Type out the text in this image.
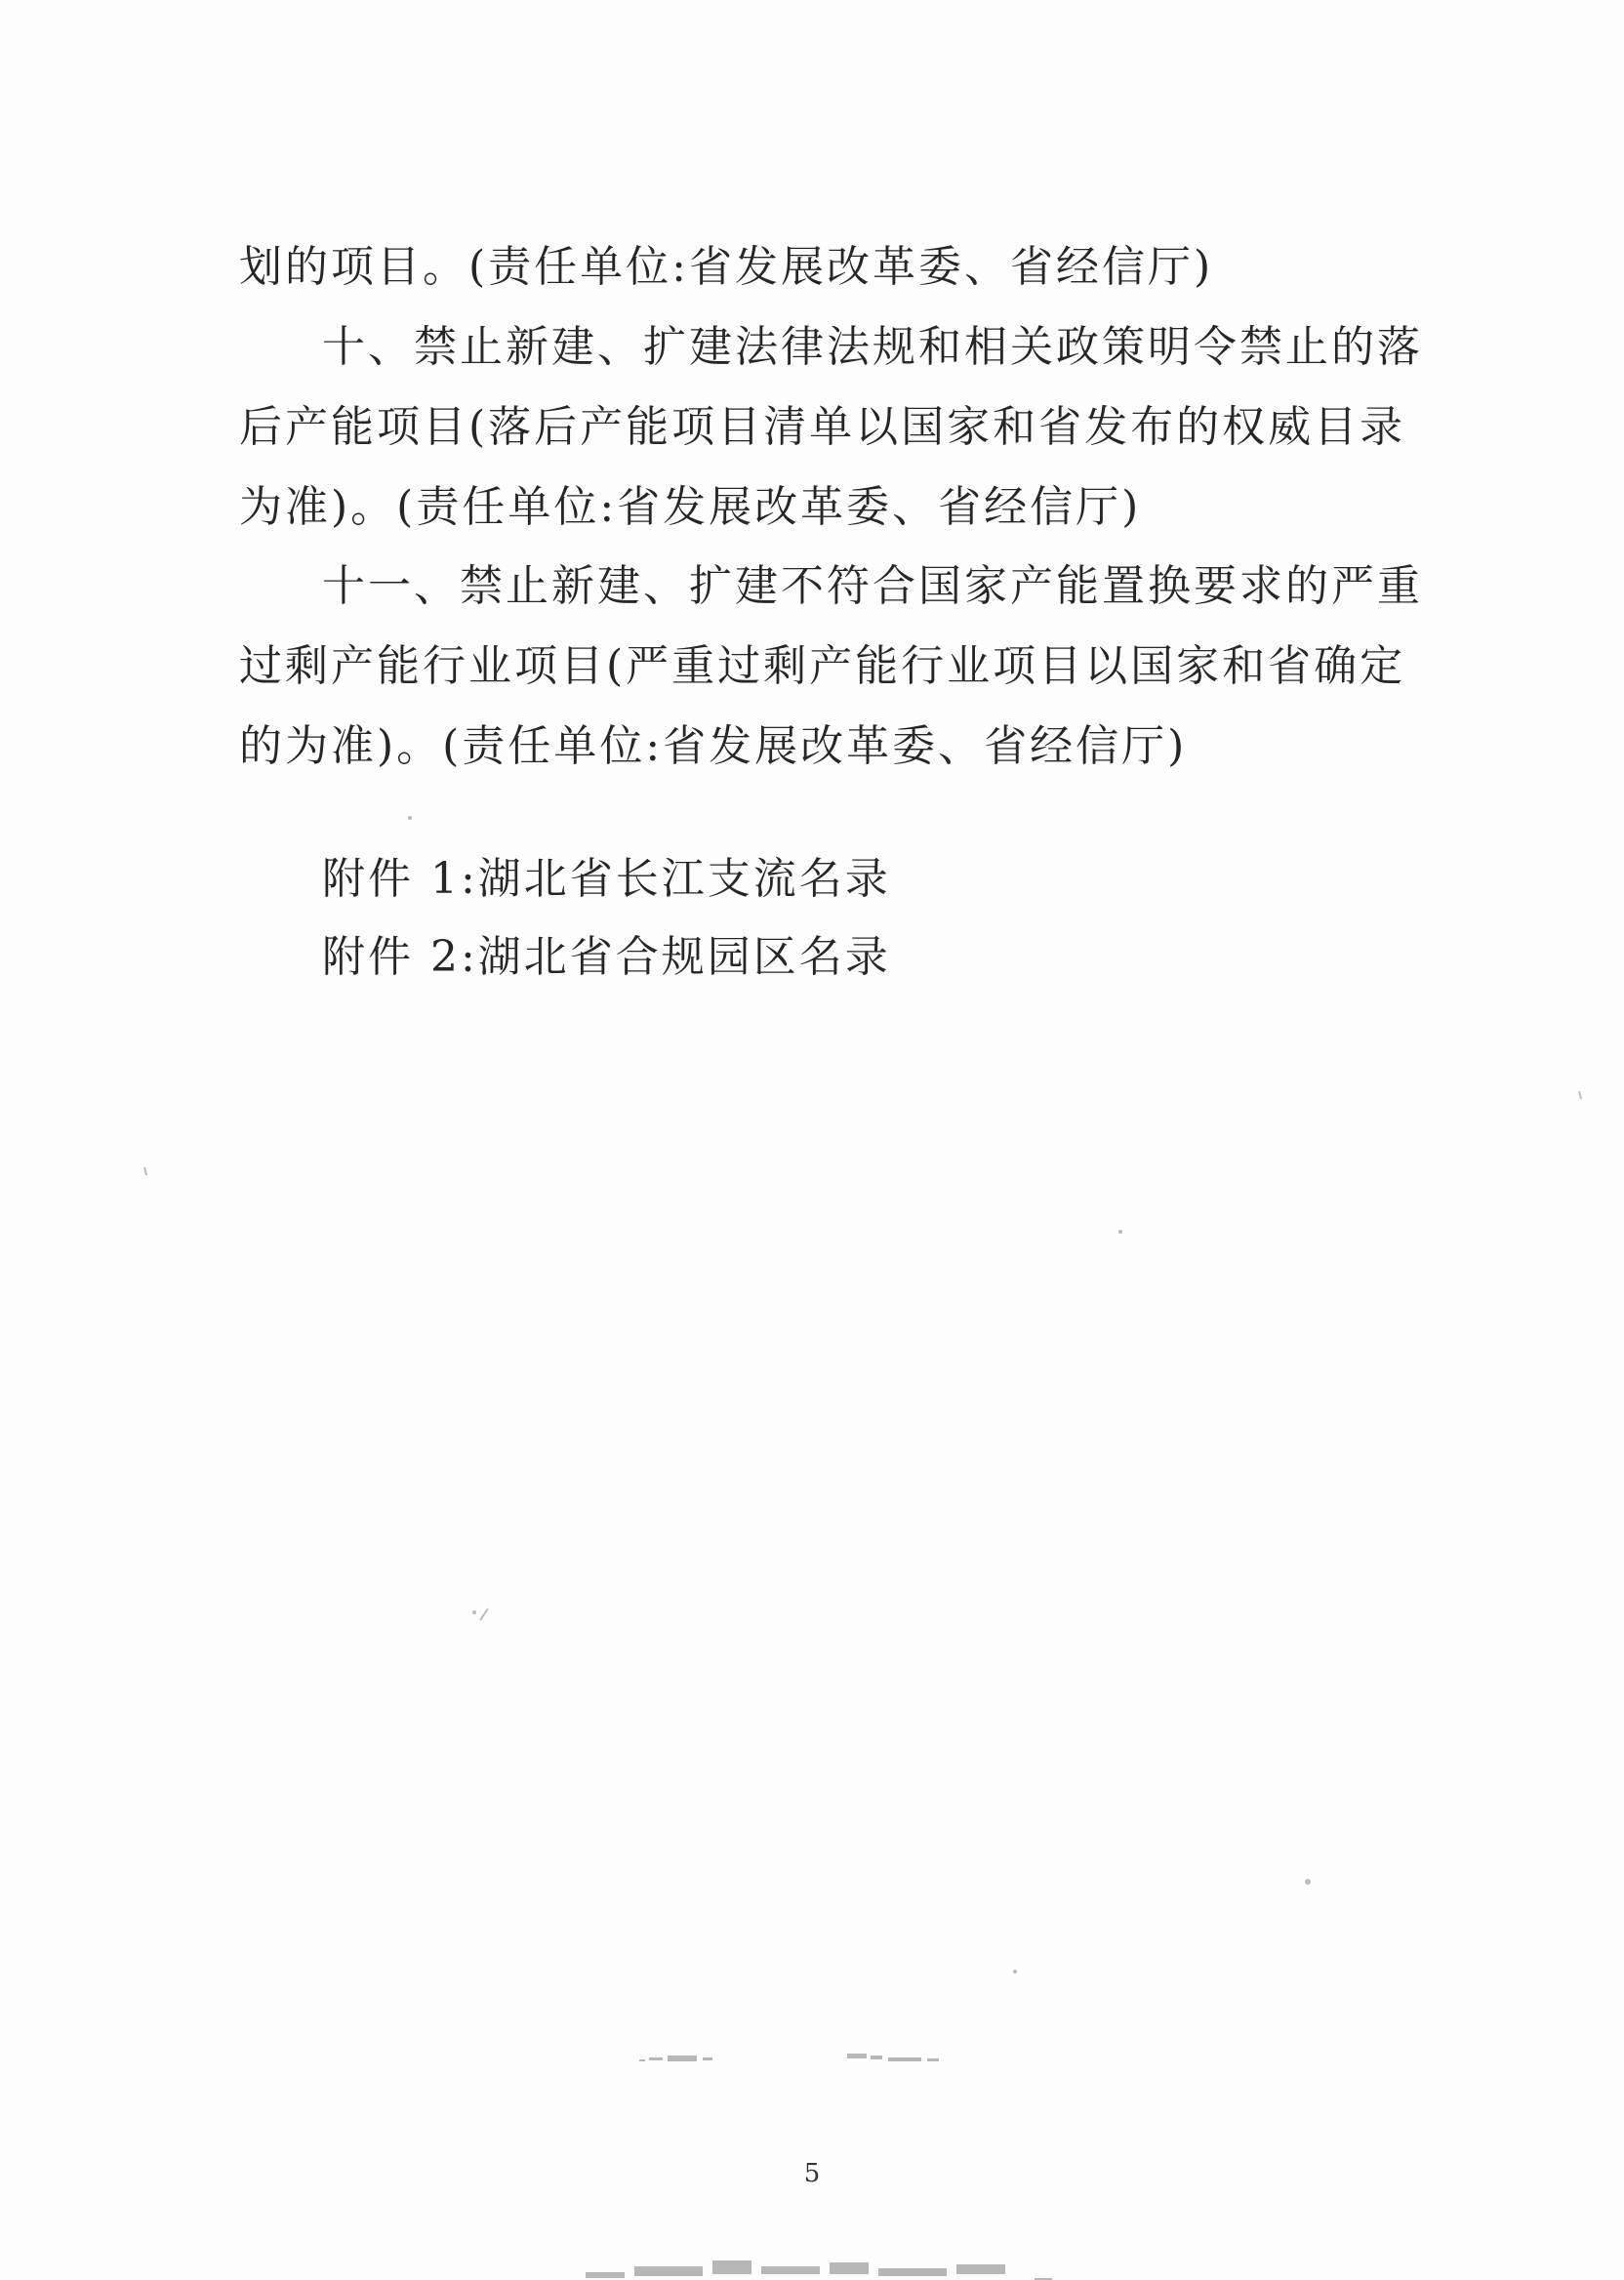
划的项目。(责任单位:省发展改革委、省经信厅)
十、禁止新建、扩建法律法规和相关政策明令禁止的落
后产能项目(落后产能项目清单以国家和省发布的权威目录
为准)。(责任单位:省发展改革委、省经信厅)
十一、禁止新建、扩建不符合国家产能置换要求的严重
过剩产能行业项目(严重过剩产能行业项目以国家和省确定
的为准)。(责任单位:省发展改革委、省经信厅)
附件 1:湖北省长江支流名录
附件 2:湖北省合规园区名录
5
